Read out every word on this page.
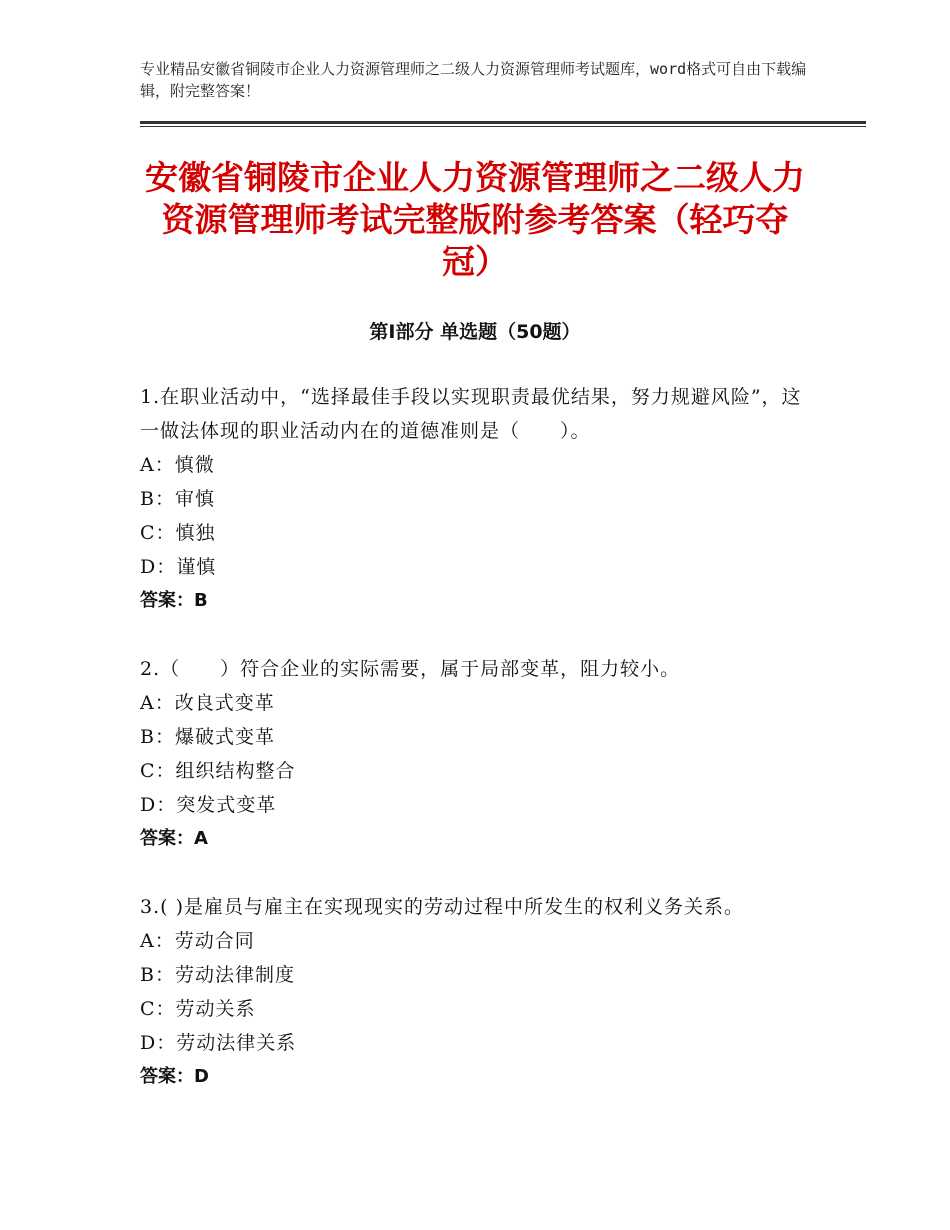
专业精品安徽省铜陵市企业人力资源管理师之二级人力资源管理师考试题库，word格式可自由下载编辑，附完整答案！
安徽省铜陵市企业人力资源管理师之二级人力资源管理师考试完整版附参考答案（轻巧夺冠）
第Ⅰ部分 单选题（50题）

1.在职业活动中，“选择最佳手段以实现职责最优结果，努力规避风险”，这一做法体现的职业活动内在的道德准则是（　　）。

A：慎微

B：审慎

C：慎独

D：谨慎

答案：B

2.（　　）符合企业的实际需要，属于局部变革，阻力较小。

A：改良式变革

B：爆破式变革

C：组织结构整合

D：突发式变革

答案：A

3.( )是雇员与雇主在实现现实的劳动过程中所发生的权利义务关系。

A：劳动合同

B：劳动法律制度

C：劳动关系

D：劳动法律关系

答案：D
